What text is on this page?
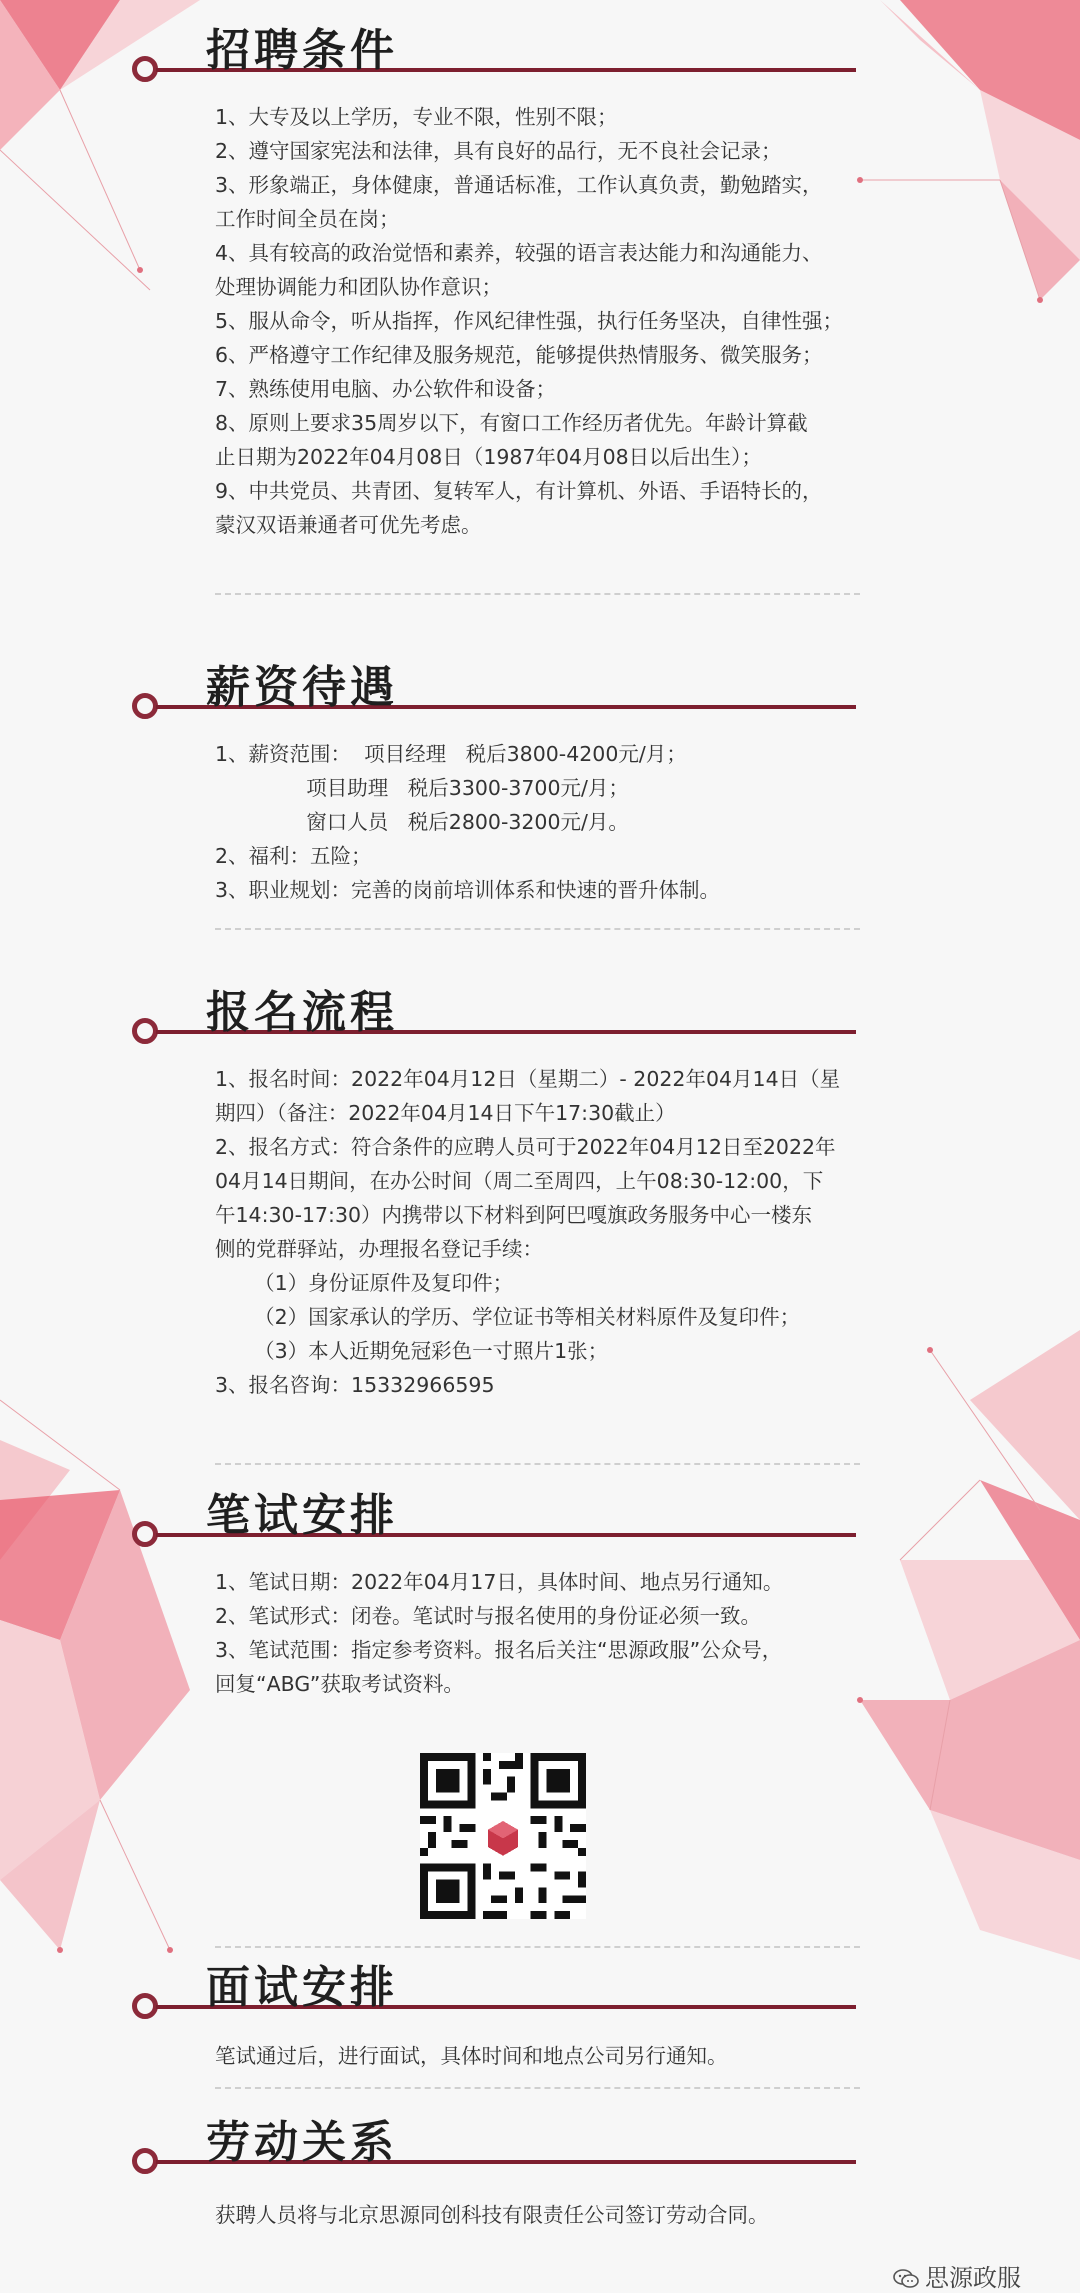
招聘条件
1、大专及以上学历，专业不限，性别不限；
2、遵守国家宪法和法律，具有良好的品行，无不良社会记录；
3、形象端正，身体健康，普通话标准，工作认真负责，勤勉踏实，
工作时间全员在岗；
4、具有较高的政治觉悟和素养，较强的语言表达能力和沟通能力、
处理协调能力和团队协作意识；
5、服从命令，听从指挥，作风纪律性强，执行任务坚决，自律性强；
6、严格遵守工作纪律及服务规范，能够提供热情服务、微笑服务；
7、熟练使用电脑、办公软件和设备；
8、原则上要求35周岁以下，有窗口工作经历者优先。年龄计算截
止日期为2022年04月08日（1987年04月08日以后出生）；
9、中共党员、共青团、复转军人，有计算机、外语、手语特长的，
蒙汉双语兼通者可优先考虑。
薪资待遇
1、薪资范围：  项目经理   税后3800-4200元/月；
项目助理   税后3300-3700元/月；
窗口人员   税后2800-3200元/月。
2、福利：五险；
3、职业规划：完善的岗前培训体系和快速的晋升体制。
报名流程
1、报名时间：2022年04月12日（星期二）- 2022年04月14日（星
期四）（备注：2022年04月14日下午17:30截止）
2、报名方式：符合条件的应聘人员可于2022年04月12日至2022年
04月14日期间，在办公时间（周二至周四，上午08:30-12:00，下
午14:30-17:30）内携带以下材料到阿巴嘎旗政务服务中心一楼东
侧的党群驿站，办理报名登记手续：
（1）身份证原件及复印件；
（2）国家承认的学历、学位证书等相关材料原件及复印件；
（3）本人近期免冠彩色一寸照片1张；
3、报名咨询：15332966595
笔试安排
1、笔试日期：2022年04月17日，具体时间、地点另行通知。
2、笔试形式：闭卷。笔试时与报名使用的身份证必须一致。
3、笔试范围：指定参考资料。报名后关注“思源政服”公众号，
回复“ABG”获取考试资料。
面试安排
笔试通过后，进行面试，具体时间和地点公司另行通知。
劳动关系
获聘人员将与北京思源同创科技有限责任公司签订劳动合同。
思源政服
